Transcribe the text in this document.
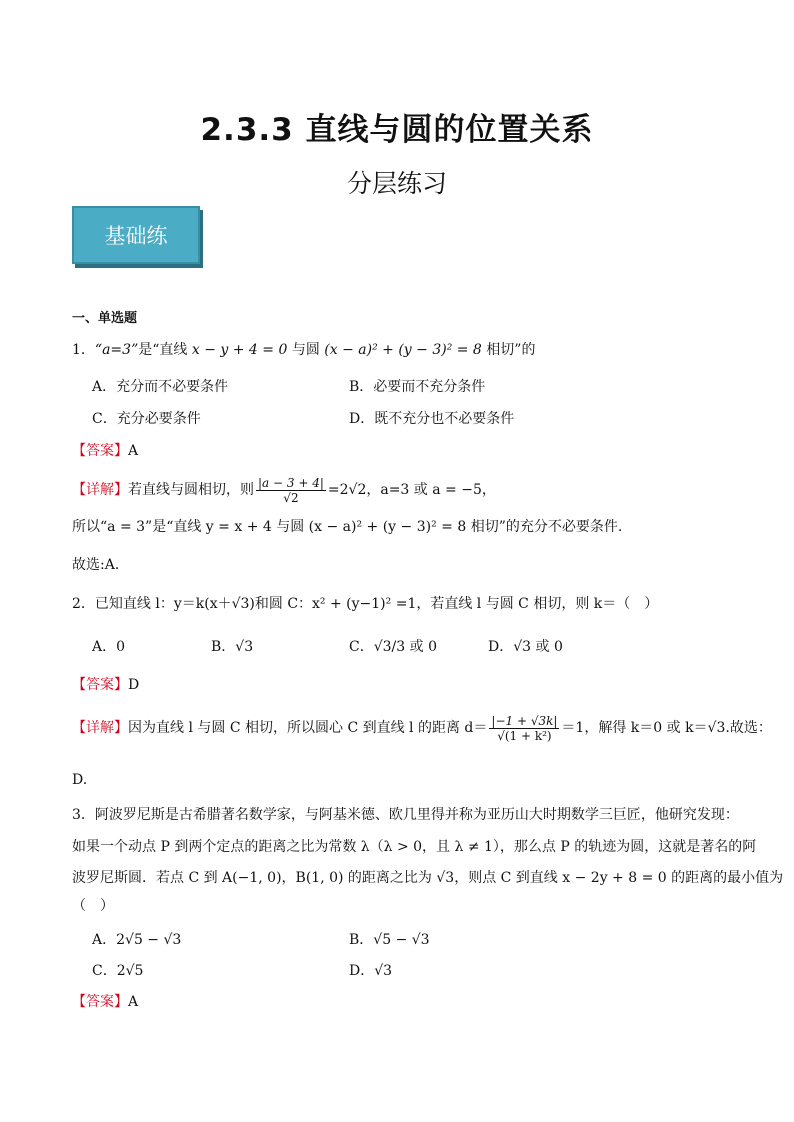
2.3.3 直线与圆的位置关系
分层练习
基础练
一、单选题
1．“a=3”是“直线 x − y + 4 = 0 与圆 (x − a)² + (y − 3)² = 8 相切”的
A．充分而不必要条件	B．必要而不充分条件
C．充分必要条件	D．既不充分也不必要条件
【答案】A
【详解】若直线与圆相切，则 $\frac{|a - 3 + 4|}{√2} =2√2$，a=3 或 a = −5，
所以“a = 3”是“直线 y = x + 4 与圆 (x − a)² + (y − 3)² = 8 相切”的充分不必要条件.
故选:A．
2．已知直线 l：y＝k(x＋√3)和圆 C：x² + (y−1)² =1，若直线 l 与圆 C 相切，则 k＝（　）
A．0	B．√3	C．√3/3 或 0	D．√3 或 0
【答案】D
【详解】因为直线 l 与圆 C 相切，所以圆心 C 到直线 l 的距离 $d= \frac{|-1 + √3k|}{\text{√(1 + k²)}} =1$，解得 k＝0 或 k＝√3.故选：
D.
3．阿波罗尼斯是古希腊著名数学家，与阿基米德、欧几里得并称为亚历山大时期数学三巨匠，他研究发现：
如果一个动点 P 到两个定点的距离之比为常数 λ（λ > 0，且 λ ≠ 1），那么点 P 的轨迹为圆，这就是著名的阿
波罗尼斯圆．若点 C 到 A(−1, 0)，B(1, 0) 的距离之比为 √3，则点 C 到直线 x − 2y + 8 = 0 的距离的最小值为
（　）
A．2√5 − √3	B．√5 − √3
C．2√5	D．√3
【答案】A
